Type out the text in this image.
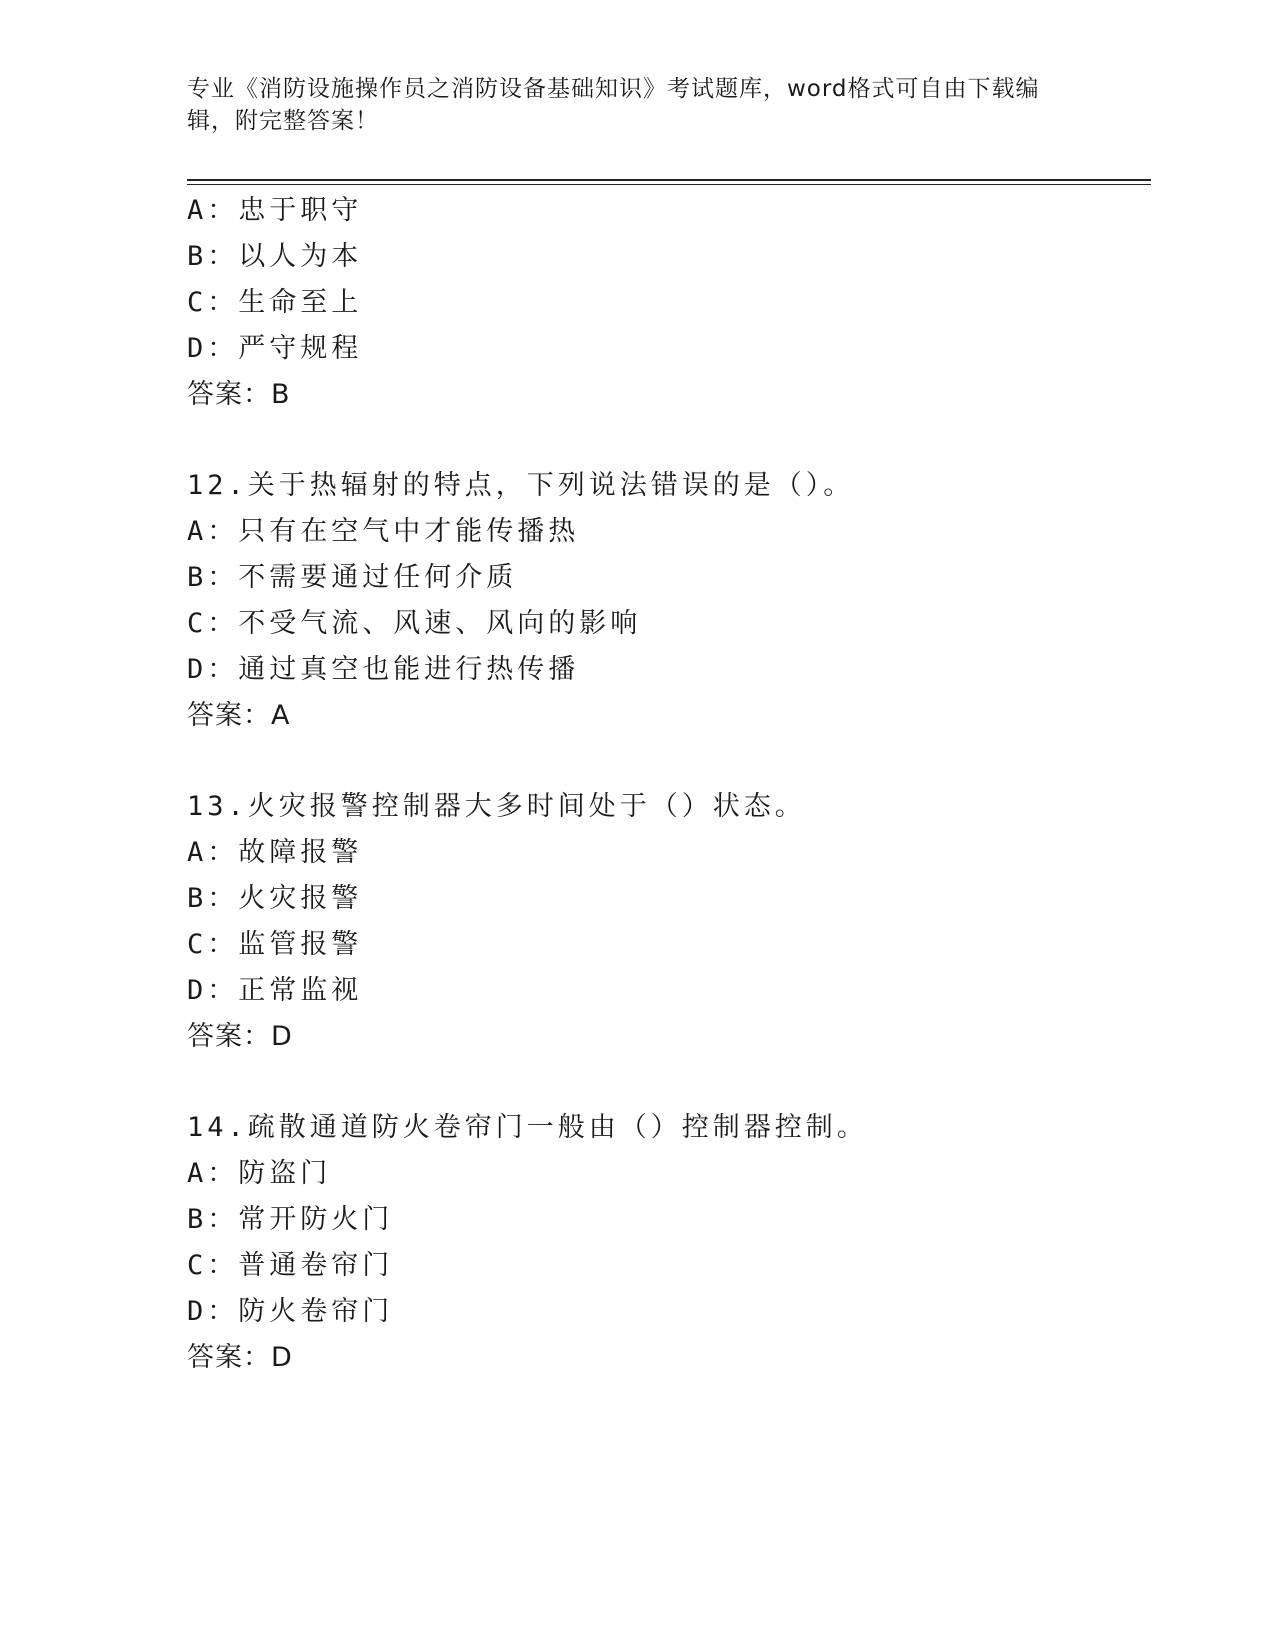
专业《消防设施操作员之消防设备基础知识》考试题库，word格式可自由下载编
辑，附完整答案！
A：忠于职守
B：以人为本
C：生命至上
D：严守规程
答案：B
12.关于热辐射的特点，下列说法错误的是（）。
A：只有在空气中才能传播热
B：不需要通过任何介质
C：不受气流、风速、风向的影响
D：通过真空也能进行热传播
答案：A
13.火灾报警控制器大多时间处于（）状态。
A：故障报警
B：火灾报警
C：监管报警
D：正常监视
答案：D
14.疏散通道防火卷帘门一般由（）控制器控制。
A：防盗门
B：常开防火门
C：普通卷帘门
D：防火卷帘门
答案：D
